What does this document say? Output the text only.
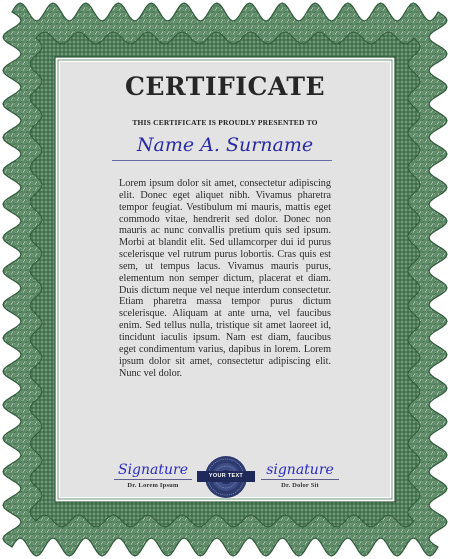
CERTIFICATE
THIS CERTIFICATE IS PROUDLY PRESENTED TO
Name A. Surname
Lorem ipsum dolor sit amet, consectetur adipiscing elit. Donec eget aliquet nibh. Vivamus pharetra tempor feugiat. Vestibulum mi mauris, mattis eget commodo vitae, hendrerit sed dolor. Donec non mauris ac nunc convallis pretium quis sed ipsum. Morbi at blandit elit. Sed ullamcorper dui id purus scelerisque vel rutrum purus lobortis. Cras quis est sem, ut tempus lacus. Vivamus mauris purus, elementum non semper dictum, placerat et diam. Duis dictum neque vel neque interdum consectetur. Etiam pharetra massa tempor purus dictum scelerisque. Aliquam at ante urna, vel faucibus enim. Sed tellus nulla, tristique sit amet laoreet id, tincidunt iaculis ipsum. Nam est diam, faucibus eget condimentum varius, dapibus in lorem. Lorem ipsum dolor sit amet, consectetur adipiscing elit. Nunc vel dolor.
Signature
Dr. Lorem Ipsum
YOUR TEXT	signature
Dr. Dolor Sit
